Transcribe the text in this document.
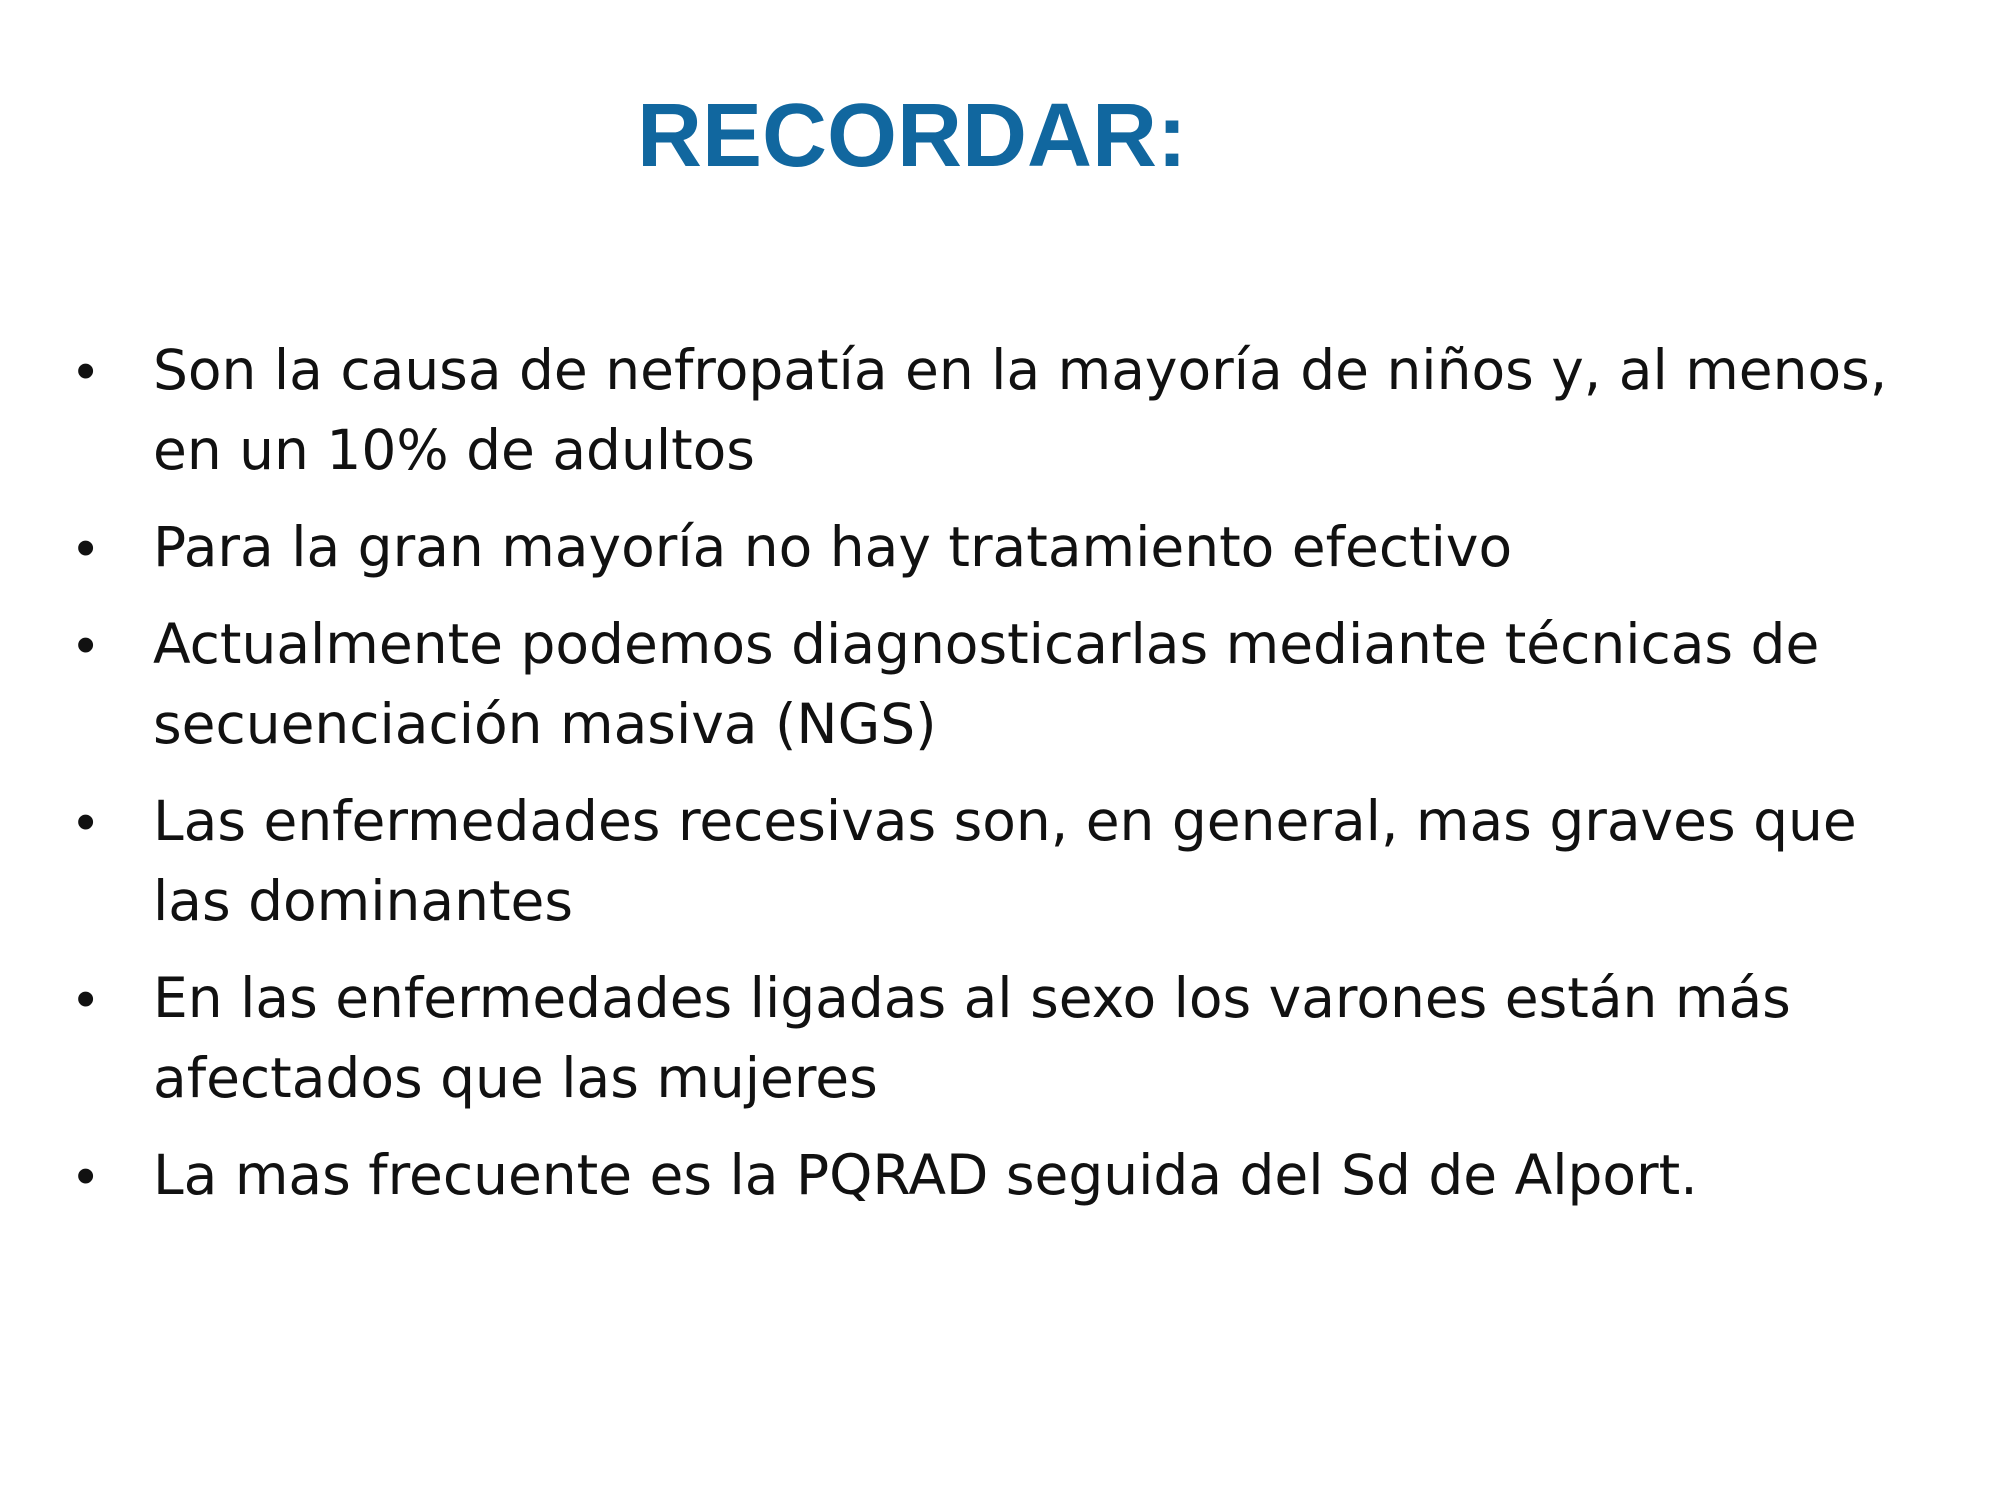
RECORDAR:
• Son la causa de nefropatía en la mayoría de niños y, al menos, en un 10% de adultos
• Para la gran mayoría no hay tratamiento efectivo
• Actualmente podemos diagnosticarlas mediante técnicas de secuenciación masiva (NGS)
• Las enfermedades recesivas son, en general, mas graves que las dominantes
• En las enfermedades ligadas al sexo los varones están más afectados que las mujeres
• La mas frecuente es la PQRAD seguida del Sd de Alport.
